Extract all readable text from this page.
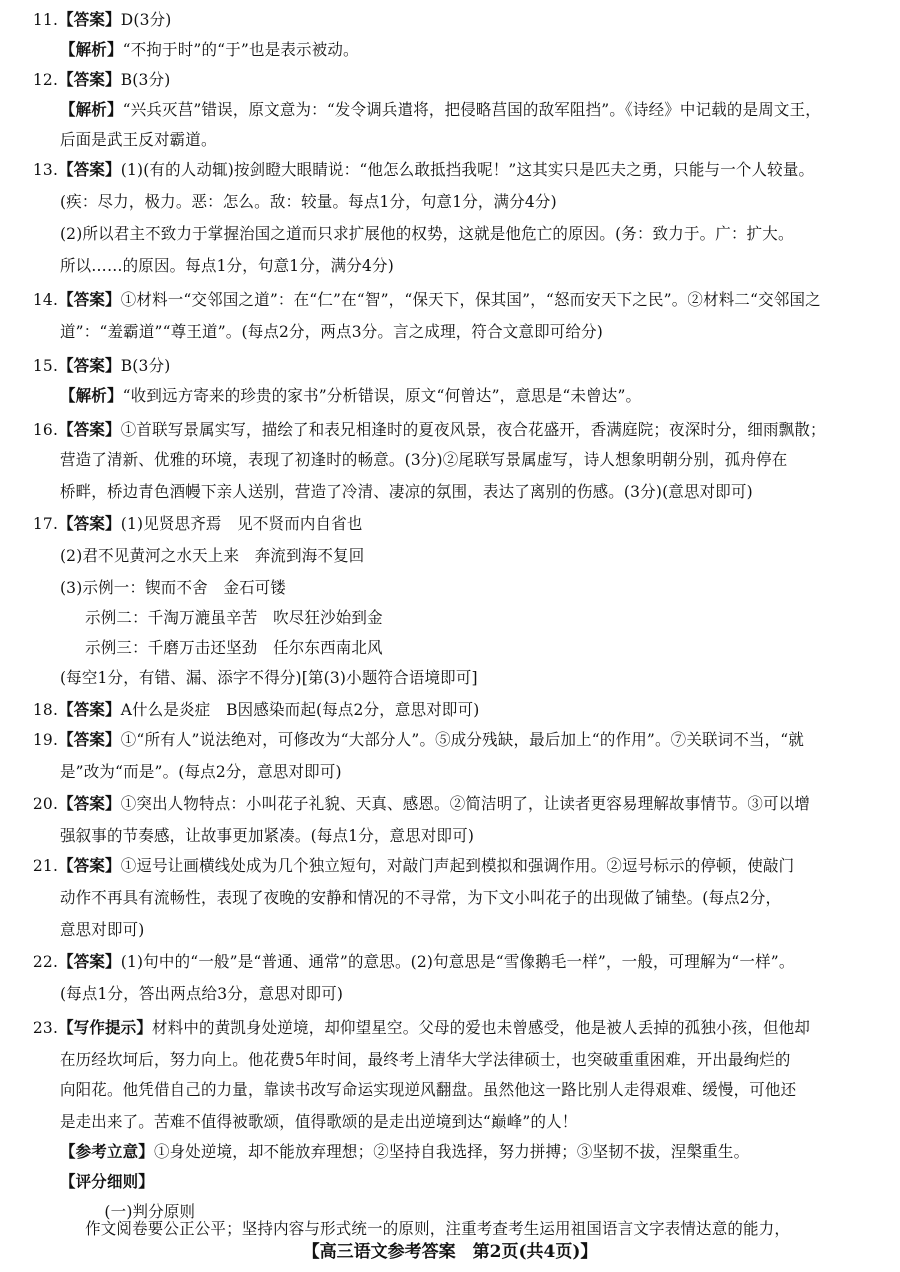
11.【答案】D(3分)
【解析】“不拘于时”的“于”也是表示被动。
12.【答案】B(3分)
【解析】“兴兵灭莒”错误，原文意为：“发令调兵遣将，把侵略莒国的敌军阻挡”。《诗经》中记载的是周文王，
后面是武王反对霸道。
13.【答案】(1)(有的人动辄)按剑瞪大眼睛说：“他怎么敢抵挡我呢！”这其实只是匹夫之勇，只能与一个人较量。
(疾：尽力，极力。恶：怎么。敌：较量。每点1分，句意1分，满分4分)
(2)所以君主不致力于掌握治国之道而只求扩展他的权势，这就是他危亡的原因。(务：致力于。广：扩大。
所以……的原因。每点1分，句意1分，满分4分)
14.【答案】①材料一“交邻国之道”：在“仁”在“智”，“保天下，保其国”，“怒而安天下之民”。②材料二“交邻国之
道”：“羞霸道”“尊王道”。(每点2分，两点3分。言之成理，符合文意即可给分)
15.【答案】B(3分)
【解析】“收到远方寄来的珍贵的家书”分析错误，原文“何曾达”，意思是“未曾达”。
16.【答案】①首联写景属实写，描绘了和表兄相逢时的夏夜风景，夜合花盛开，香满庭院；夜深时分，细雨飘散；
营造了清新、优雅的环境，表现了初逢时的畅意。(3分)②尾联写景属虚写，诗人想象明朝分别，孤舟停在
桥畔，桥边青色酒幔下亲人送别，营造了冷清、凄凉的氛围，表达了离别的伤感。(3分)(意思对即可)
17.【答案】(1)见贤思齐焉　见不贤而内自省也
(2)君不见黄河之水天上来　奔流到海不复回
(3)示例一：锲而不舍　金石可镂
示例二：千淘万漉虽辛苦　吹尽狂沙始到金
示例三：千磨万击还坚劲　任尔东西南北风
(每空1分，有错、漏、添字不得分)[第(3)小题符合语境即可]
18.【答案】A什么是炎症　B因感染而起(每点2分，意思对即可)
19.【答案】①“所有人”说法绝对，可修改为“大部分人”。⑤成分残缺，最后加上“的作用”。⑦关联词不当，“就
是”改为“而是”。(每点2分，意思对即可)
20.【答案】①突出人物特点：小叫花子礼貌、天真、感恩。②简洁明了，让读者更容易理解故事情节。③可以增
强叙事的节奏感，让故事更加紧凑。(每点1分，意思对即可)
21.【答案】①逗号让画横线处成为几个独立短句，对敲门声起到模拟和强调作用。②逗号标示的停顿，使敲门
动作不再具有流畅性，表现了夜晚的安静和情况的不寻常，为下文小叫花子的出现做了铺垫。(每点2分，
意思对即可)
22.【答案】(1)句中的“一般”是“普通、通常”的意思。(2)句意思是“雪像鹅毛一样”，一般，可理解为“一样”。
(每点1分，答出两点给3分，意思对即可)
23.【写作提示】材料中的黄凯身处逆境，却仰望星空。父母的爱也未曾感受，他是被人丢掉的孤独小孩，但他却
在历经坎坷后，努力向上。他花费5年时间，最终考上清华大学法律硕士，也突破重重困难，开出最绚烂的
向阳花。他凭借自己的力量，靠读书改写命运实现逆风翻盘。虽然他这一路比别人走得艰难、缓慢，可他还
是走出来了。苦难不值得被歌颂，值得歌颂的是走出逆境到达“巅峰”的人！
【参考立意】①身处逆境，却不能放弃理想；②坚持自我选择，努力拼搏；③坚韧不拔，涅槃重生。
【评分细则】
(一)判分原则
作文阅卷要公正公平；坚持内容与形式统一的原则，注重考查考生运用祖国语言文字表情达意的能力，
【高三语文参考答案　第2页(共4页)】
